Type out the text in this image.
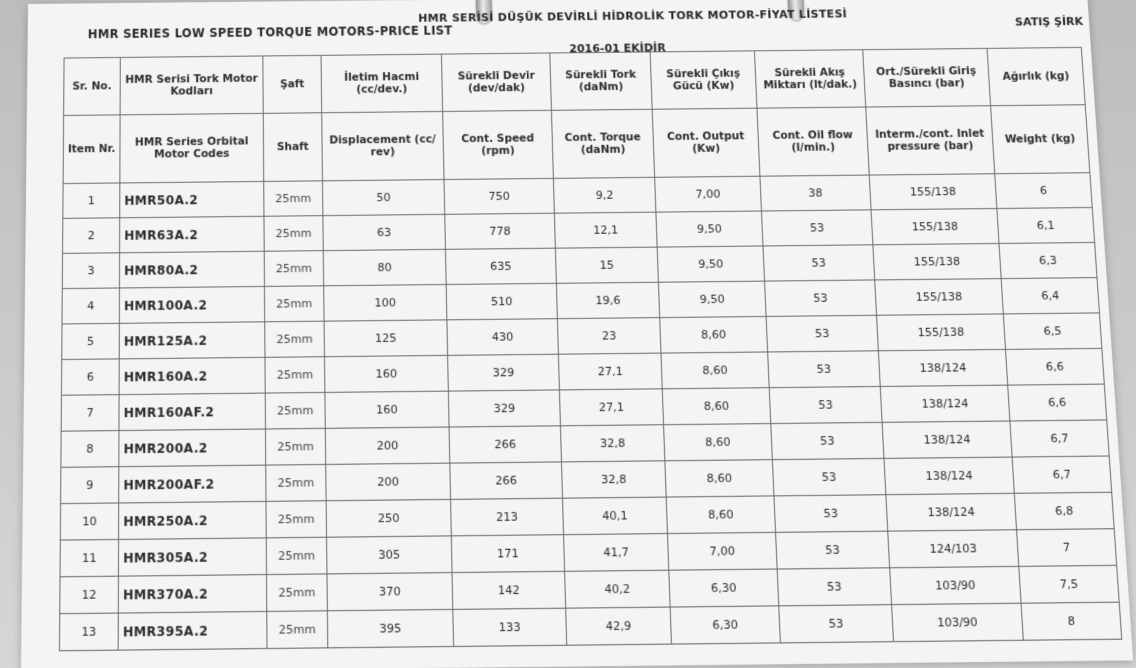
HMR SERIES LOW SPEED TORQUE MOTORS-PRICE LIST
HMR SERİSİ DÜŞÜK DEVİRLİ HİDROLİK TORK MOTOR-FİYAT LİSTESİ	SATIŞ ŞİRK
2016-01 EKİDİR
Sr. No.	HMR Serisi Tork Motor Kodları	Şaft	İletim Hacmi (cc/dev.)	Sürekli Devir (dev/dak)	Sürekli Tork (daNm)	Sürekli Çıkış Gücü (Kw)	Sürekli Akış Miktarı (lt/dak.)	Ort./Sürekli Giriş Basıncı (bar)	Ağırlık (kg)
Item Nr.	HMR Series Orbital Motor Codes	Shaft	Displacement (cc/ rev)	Cont. Speed (rpm)	Cont. Torque (daNm)	Cont. Output (Kw)	Cont. Oil flow (l/min.)	Interm./cont. Inlet pressure (bar)	Weight (kg)
1	HMR50A.2	25mm	50	750	9,2	7,00	38	155/138	6
2	HMR63A.2	25mm	63	778	12,1	9,50	53	155/138	6,1
3	HMR80A.2	25mm	80	635	15	9,50	53	155/138	6,3
4	HMR100A.2	25mm	100	510	19,6	9,50	53	155/138	6,4
5	HMR125A.2	25mm	125	430	23	8,60	53	155/138	6,5
6	HMR160A.2	25mm	160	329	27,1	8,60	53	138/124	6,6
7	HMR160AF.2	25mm	160	329	27,1	8,60	53	138/124	6,6
8	HMR200A.2	25mm	200	266	32,8	8,60	53	138/124	6,7
9	HMR200AF.2	25mm	200	266	32,8	8,60	53	138/124	6,7
10	HMR250A.2	25mm	250	213	40,1	8,60	53	138/124	6,8
11	HMR305A.2	25mm	305	171	41,7	7,00	53	124/103	7
12	HMR370A.2	25mm	370	142	40,2	6,30	53	103/90	7,5
13	HMR395A.2	25mm	395	133	42,9	6,30	53	103/90	8
